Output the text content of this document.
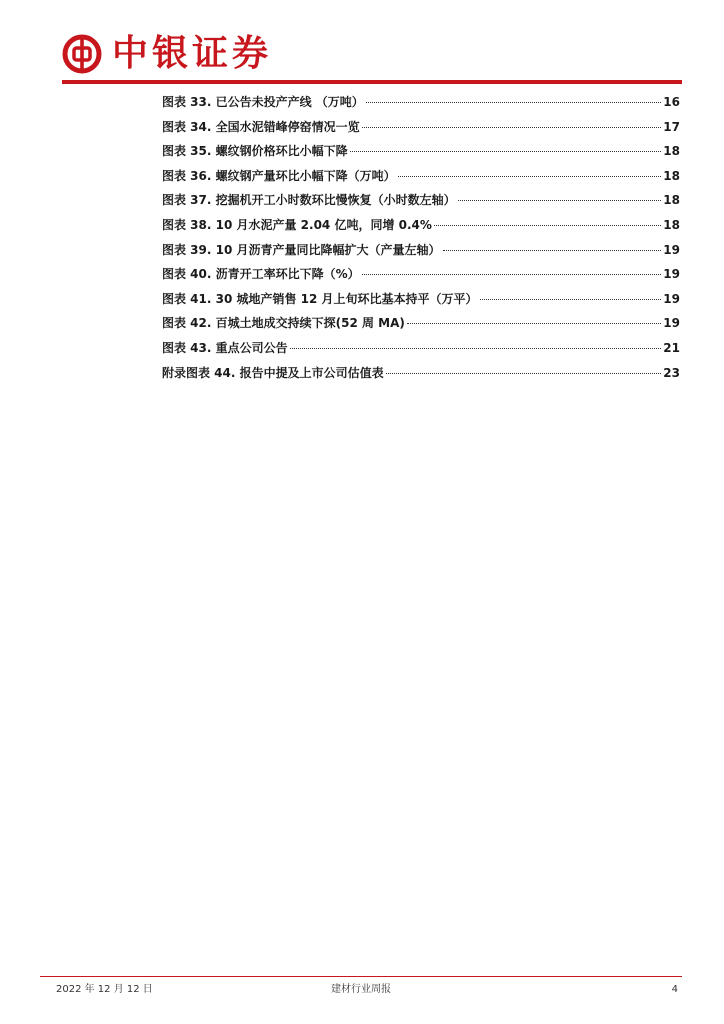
中银证券
图表 33. 已公告未投产产线 （万吨）	16
图表 34. 全国水泥错峰停窑情况一览	17
图表 35. 螺纹钢价格环比小幅下降	18
图表 36. 螺纹钢产量环比小幅下降（万吨）	18
图表 37. 挖掘机开工小时数环比慢恢复（小时数左轴）	18
图表 38. 10 月水泥产量 2.04 亿吨，同增 0.4%	18
图表 39. 10 月沥青产量同比降幅扩大（产量左轴）	19
图表 40. 沥青开工率环比下降（%）	19
图表 41. 30 城地产销售 12 月上旬环比基本持平（万平）	19
图表 42. 百城土地成交持续下探(52 周 MA)	19
图表 43. 重点公司公告	21
附录图表 44. 报告中提及上市公司估值表	23
2022 年 12 月 12 日	建材行业周报	4
